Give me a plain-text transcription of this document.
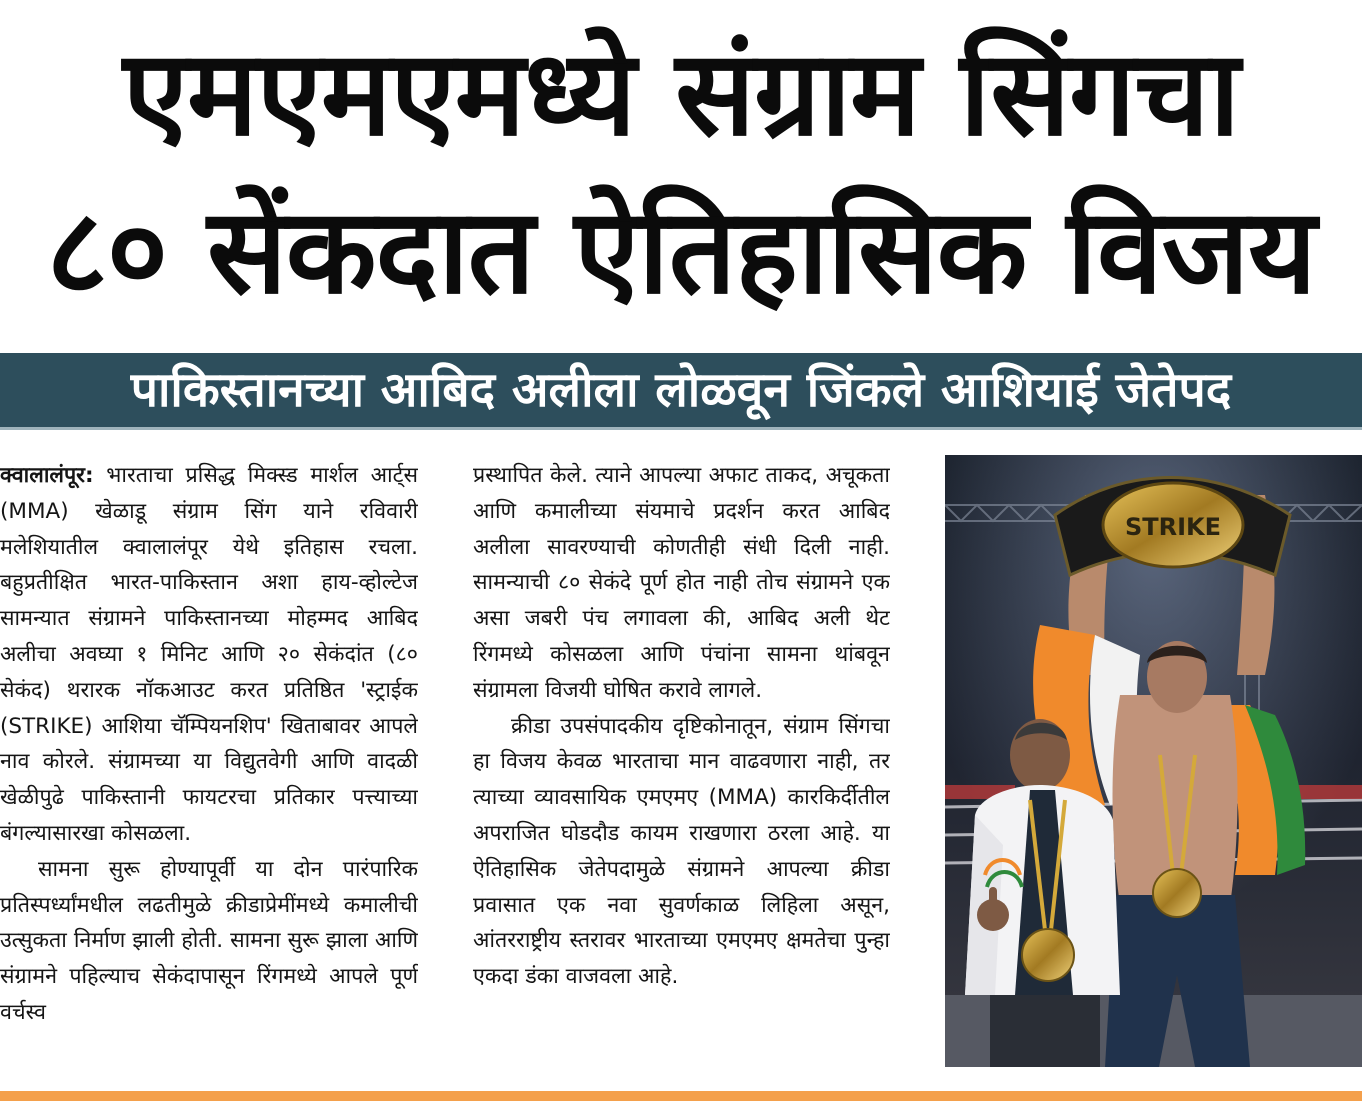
एमएमएमध्ये संग्राम सिंगचा
८० सेंकदात ऐतिहासिक विजय
पाकिस्तानच्या आबिद अलीला लोळवून जिंकले आशियाई जेतेपद

क्वालालंपूर: भारताचा प्रसिद्ध मिक्स्ड मार्शल आर्ट्स (MMA) खेळाडू संग्राम सिंग याने रविवारी मलेशियातील क्वालालंपूर येथे इतिहास रचला. बहुप्रतीक्षित भारत-पाकिस्तान अशा हाय-व्होल्टेज सामन्यात संग्रामने पाकिस्तानच्या मोहम्मद आबिद अलीचा अवघ्या १ मिनिट आणि २० सेकंदांत (८० सेकंद) थरारक नॉकआउट करत प्रतिष्ठित 'स्ट्राईक (STRIKE) आशिया चॅम्पियनशिप' खिताबावर आपले नाव कोरले. संग्रामच्या या विद्युतवेगी आणि वादळी खेळीपुढे पाकिस्तानी फायटरचा प्रतिकार पत्त्याच्या बंगल्यासारखा कोसळला.

सामना सुरू होण्यापूर्वी या दोन पारंपारिक प्रतिस्पर्ध्यांमधील लढतीमुळे क्रीडाप्रेमींमध्ये कमालीची उत्सुकता निर्माण झाली होती. सामना सुरू झाला आणि संग्रामने पहिल्याच सेकंदापासून रिंगमध्ये आपले पूर्ण वर्चस्व

प्रस्थापित केले. त्याने आपल्या अफाट ताकद, अचूकता आणि कमालीच्या संयमाचे प्रदर्शन करत आबिद अलीला सावरण्याची कोणतीही संधी दिली नाही. सामन्याची ८० सेकंदे पूर्ण होत नाही तोच संग्रामने एक असा जबरी पंच लगावला की, आबिद अली थेट रिंगमध्ये कोसळला आणि पंचांना सामना थांबवून संग्रामला विजयी घोषित करावे लागले.

क्रीडा उपसंपादकीय दृष्टिकोनातून, संग्राम सिंगचा हा विजय केवळ भारताचा मान वाढवणारा नाही, तर त्याच्या व्यावसायिक एमएमए (MMA) कारकिर्दीतील अपराजित घोडदौड कायम राखणारा ठरला आहे. या ऐतिहासिक जेतेपदामुळे संग्रामने आपल्या क्रीडा प्रवासात एक नवा सुवर्णकाळ लिहिला असून, आंतरराष्ट्रीय स्तरावर भारताच्या एमएमए क्षमतेचा पुन्हा एकदा डंका वाजवला आहे.

STRIKE
